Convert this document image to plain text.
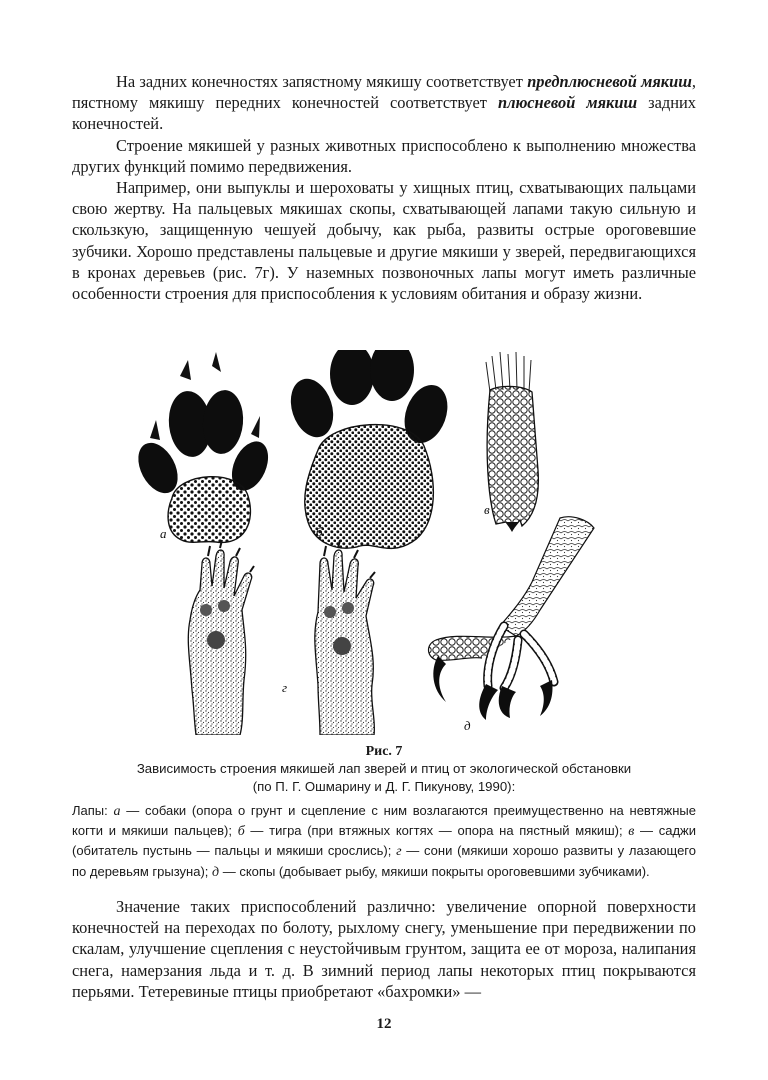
На задних конечностях запястному мякишу соответствует предплюсневой мякиш, пястному мякишу передних конечностей соответствует плюсневой мякиш задних конечностей.

Строение мякишей у разных животных приспособлено к выполнению множества других функций помимо передвижения.

Например, они выпуклы и шероховаты у хищных птиц, схватывающих пальцами свою жертву. На пальцевых мякишах скопы, схватывающей лапами такую сильную и скользкую, защищенную чешуей добычу, как рыба, развиты острые ороговевшие зубчики. Хорошо представлены пальцевые и другие мякиши у зверей, передвигающихся в кронах деревьев (рис. 7г). У наземных позвоночных лапы могут иметь различные особенности строения для приспособления к условиям обитания и образу жизни.

а	б
в
г
д
Рис. 7
Зависимость строения мякишей лап зверей и птиц от экологической обстановки
(по П. Г. Ошмарину и Д. Г. Пикунову, 1990):
Лапы: а — собаки (опора о грунт и сцепление с ним возлагаются преимущественно на невтяжные когти и мякиши пальцев); б — тигра (при втяжных когтях — опора на пястный мякиш); в — саджи (обитатель пустынь — пальцы и мякиши срослись); г — сони (мякиши хорошо развиты у лазающего по деревьям грызуна); д — скопы (добывает рыбу, мякиши покрыты ороговевшими зубчиками).

Значение таких приспособлений различно: увеличение опорной поверхности конечностей на переходах по болоту, рыхлому снегу, уменьшение при передвижении по скалам, улучшение сцепления с неустойчивым грунтом, защита ее от мороза, налипания снега, намерзания льда и т. д. В зимний период лапы некоторых птиц покрываются перьями. Тетеревиные птицы приобретают «бахромки» —

12
